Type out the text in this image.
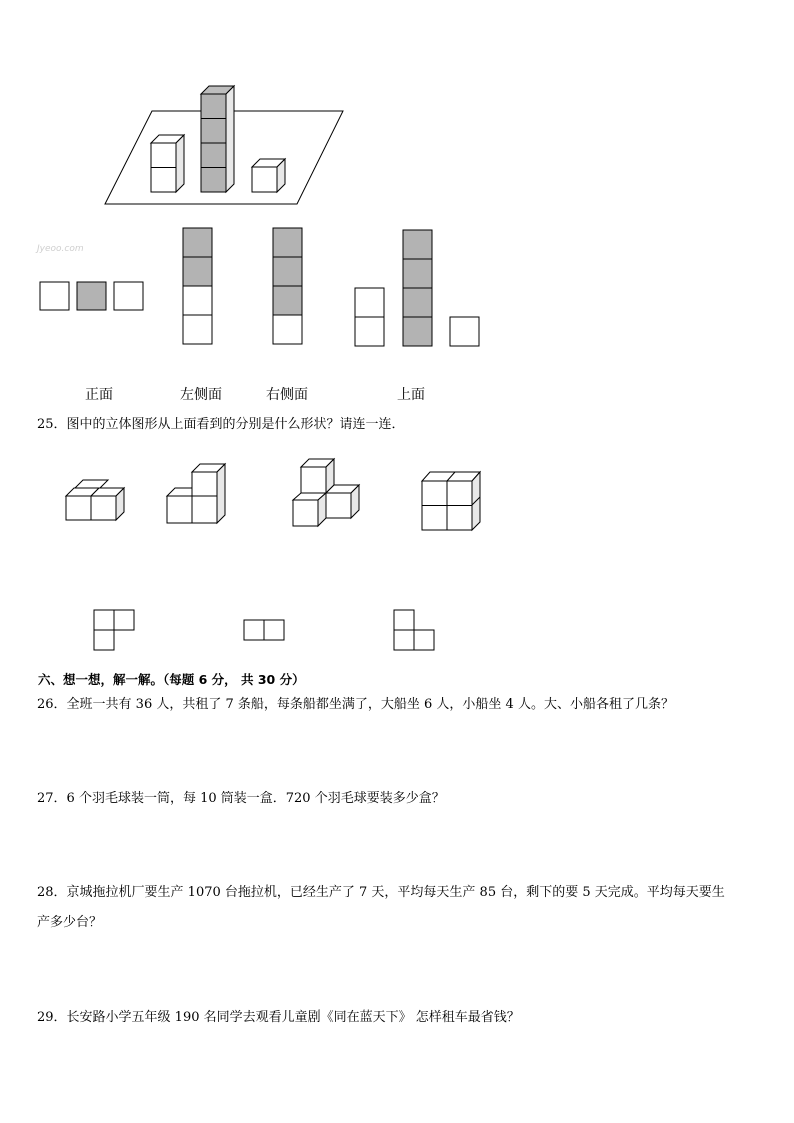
Jyeoo.com
正面	左侧面	右侧面	上面
25．图中的立体图形从上面看到的分别是什么形状？请连一连．
六、想一想，解一解。（每题 6 分， 共 30 分）
26．全班一共有 36 人，共租了 7 条船，每条船都坐满了，大船坐 6 人，小船坐 4 人。大、小船各租了几条？
27．6 个羽毛球装一筒，每 10 筒装一盒．720 个羽毛球要装多少盒？
28．京城拖拉机厂要生产 1070 台拖拉机，已经生产了 7 天，平均每天生产 85 台，剩下的要 5 天完成。平均每天要生
产多少台？
29．长安路小学五年级 190 名同学去观看儿童剧《同在蓝天下》 怎样租车最省钱？
